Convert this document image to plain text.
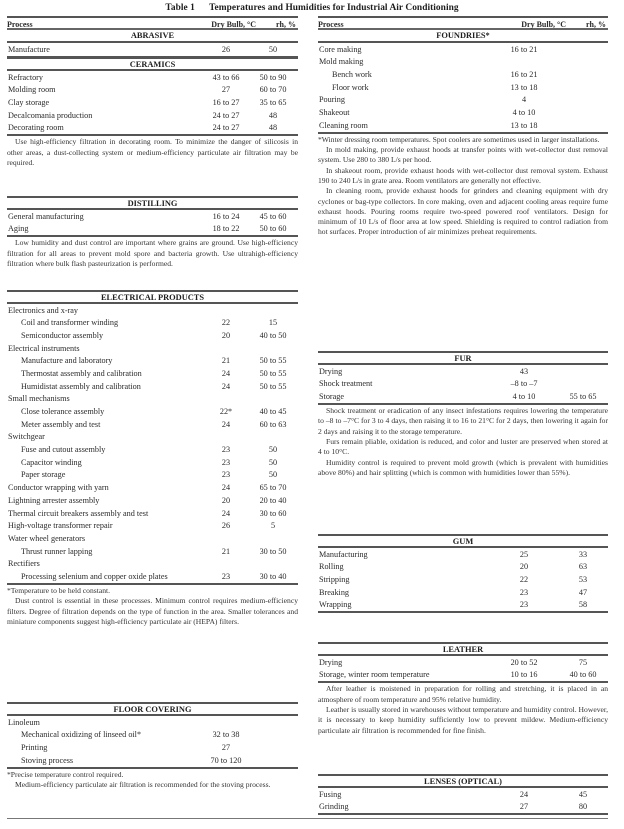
Table 1 Temperatures and Humidities for Industrial Air Conditioning
Process	Dry Bulb, °C	rh, %
ABRASIVE
Manufacture	26	50
CERAMICS
Refractory	43 to 66	50 to 90
Molding room	27	60 to 70
Clay storage	16 to 27	35 to 65
Decalcomania production	24 to 27	48
Decorating room	24 to 27	48

Use high-efficiency filtration in decorating room. To minimize the danger of silicosis in other areas, a dust-collecting system or medium-efficiency particulate air filtration may be required.

DISTILLING
General manufacturing	16 to 24	45 to 60
Aging	18 to 22	50 to 60

Low humidity and dust control are important where grains are ground. Use high-efficiency filtration for all areas to prevent mold spore and bacteria growth. Use ultrahigh-efficiency filtration where bulk flash pasteurization is performed.

ELECTRICAL PRODUCTS
Electronics and x-ray
Coil and transformer winding	22	15
Semiconductor assembly	20	40 to 50
Electrical instruments
Manufacture and laboratory	21	50 to 55
Thermostat assembly and calibration	24	50 to 55
Humidistat assembly and calibration	24	50 to 55
Small mechanisms
Close tolerance assembly	22*	40 to 45
Meter assembly and test	24	60 to 63
Switchgear
Fuse and cutout assembly	23	50
Capacitor winding	23	50
Paper storage	23	50
Conductor wrapping with yarn	24	65 to 70
Lightning arrester assembly	20	20 to 40
Thermal circuit breakers assembly and test	24	30 to 60
High-voltage transformer repair	26	5
Water wheel generators
Thrust runner lapping	21	30 to 50
Rectifiers
Processing selenium and copper oxide plates	23	30 to 40

*Temperature to be held constant.

Dust control is essential in these processes. Minimum control requires medium-efficiency filters. Degree of filtration depends on the type of function in the area. Smaller tolerances and miniature components suggest high-efficiency particulate air (HEPA) filters.

FLOOR COVERING
Linoleum
Mechanical oxidizing of linseed oil*	32 to 38
Printing	27
Stoving process	70 to 120

*Precise temperature control required.

Medium-efficiency particulate air filtration is recommended for the stoving process.

Process	Dry Bulb, °C	rh, %
FOUNDRIES*
Core making	16 to 21
Mold making
Bench work	16 to 21
Floor work	13 to 18
Pouring	4
Shakeout	4 to 10
Cleaning room	13 to 18

*Winter dressing room temperatures. Spot coolers are sometimes used in larger installations.

In mold making, provide exhaust hoods at transfer points with wet-collector dust removal system. Use 280 to 380 L/s per hood.

In shakeout room, provide exhaust hoods with wet-collector dust removal system. Exhaust 190 to 240 L/s in grate area. Room ventilators are generally not effective.

In cleaning room, provide exhaust hoods for grinders and cleaning equipment with dry cyclones or bag-type collectors. In core making, oven and adjacent cooling areas require fume exhaust hoods. Pouring rooms require two-speed powered roof ventilators. Design for minimum of 10 L/s of floor area at low speed. Shielding is required to control radiation from hot surfaces. Proper introduction of air minimizes preheat requirements.

FUR
Drying	43
Shock treatment	–8 to –7
Storage	4 to 10	55 to 65

Shock treatment or eradication of any insect infestations requires lowering the temperature to –8 to –7°C for 3 to 4 days, then raising it to 16 to 21°C for 2 days, then lowering it again for 2 days and raising it to the storage temperature.

Furs remain pliable, oxidation is reduced, and color and luster are preserved when stored at 4 to 10°C.

Humidity control is required to prevent mold growth (which is prevalent with humidities above 80%) and hair splitting (which is common with humidities lower than 55%).

GUM
Manufacturing	25	33
Rolling	20	63
Stripping	22	53
Breaking	23	47
Wrapping	23	58
LEATHER
Drying	20 to 52	75
Storage, winter room temperature	10 to 16	40 to 60

After leather is moistened in preparation for rolling and stretching, it is placed in an atmosphere of room temperature and 95% relative humidity.

Leather is usually stored in warehouses without temperature and humidity control. However, it is necessary to keep humidity sufficiently low to prevent mildew. Medium-efficiency particulate air filtration is recommended for fine finish.

LENSES (OPTICAL)
Fusing	24	45
Grinding	27	80
